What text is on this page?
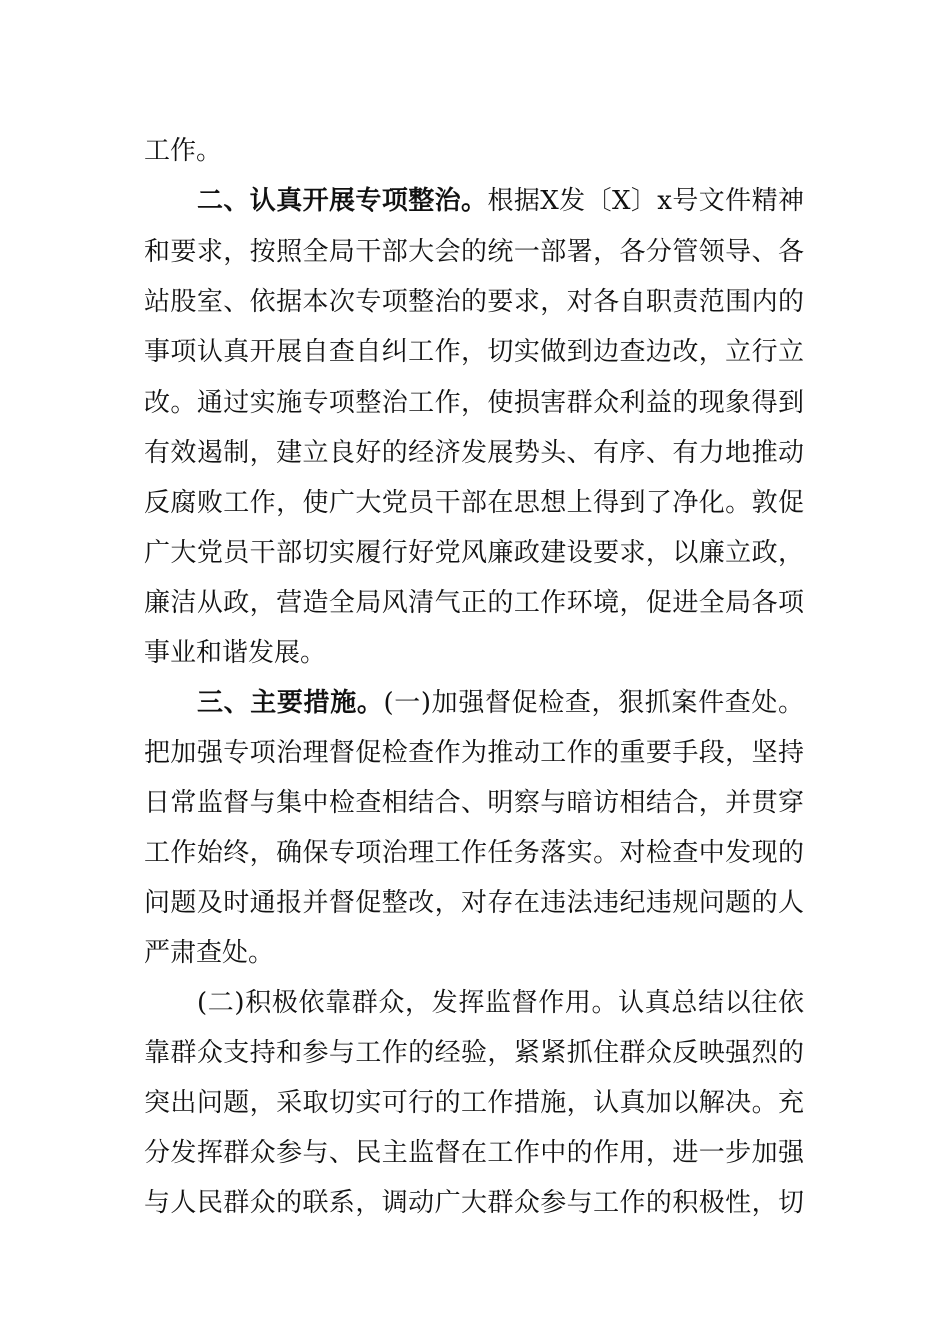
工作。
二、认真开展专项整治。根据X发〔X〕x号文件精神
和要求，按照全局干部大会的统一部署，各分管领导、各
站股室、依据本次专项整治的要求，对各自职责范围内的
事项认真开展自查自纠工作，切实做到边查边改，立行立
改。通过实施专项整治工作，使损害群众利益的现象得到
有效遏制，建立良好的经济发展势头、有序、有力地推动
反腐败工作，使广大党员干部在思想上得到了净化。敦促
广大党员干部切实履行好党风廉政建设要求，以廉立政，
廉洁从政，营造全局风清气正的工作环境，促进全局各项
事业和谐发展。
三、主要措施。(一)加强督促检查，狠抓案件查处。
把加强专项治理督促检查作为推动工作的重要手段，坚持
日常监督与集中检查相结合、明察与暗访相结合，并贯穿
工作始终，确保专项治理工作任务落实。对检查中发现的
问题及时通报并督促整改，对存在违法违纪违规问题的人
严肃查处。
(二)积极依靠群众，发挥监督作用。认真总结以往依
靠群众支持和参与工作的经验，紧紧抓住群众反映强烈的
突出问题，采取切实可行的工作措施，认真加以解决。充
分发挥群众参与、民主监督在工作中的作用，进一步加强
与人民群众的联系，调动广大群众参与工作的积极性，切
